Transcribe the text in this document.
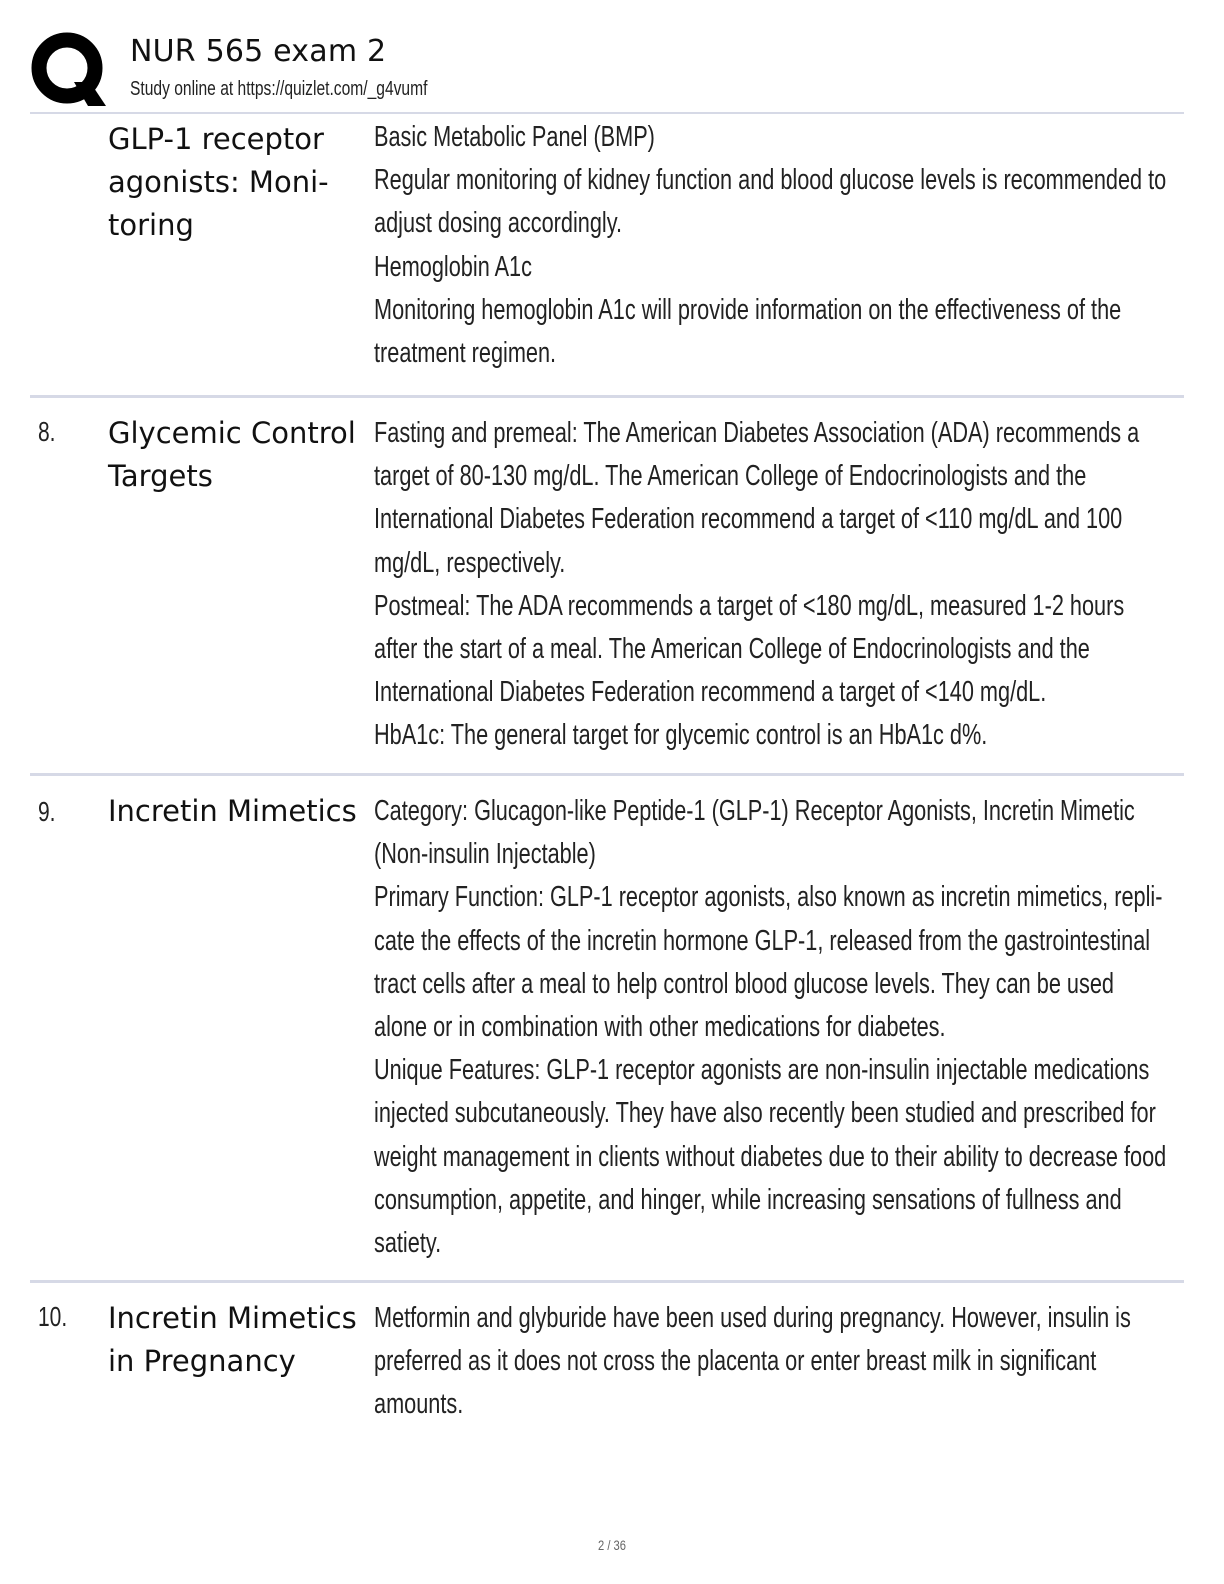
NUR 565 exam 2
Study online at https://quizlet.com/_g4vumf
GLP-1 receptor agonists: Moni-toring

Basic Metabolic Panel (BMP)

Regular monitoring of kidney function and blood glucose levels is recommended to adjust dosing accordingly.

Hemoglobin A1c

Monitoring hemoglobin A1c will provide information on the effectiveness of the treatment regimen.

8. Glycemic Control Targets

Fasting and premeal: The American Diabetes Association (ADA) recommends a target of 80-130 mg/dL. The American College of Endocrinologists and the International Diabetes Federation recommend a target of <110 mg/dL and 100 mg/dL, respectively.

Postmeal: The ADA recommends a target of <180 mg/dL, measured 1-2 hours after the start of a meal. The American College of Endocrinologists and the International Diabetes Federation recommend a target of <140 mg/dL.

HbA1c: The general target for glycemic control is an HbA1c d%.

9. Incretin Mimetics Category: Glucagon-like Peptide-1 (GLP-1) Receptor Agonists, Incretin Mimetic (Non-insulin Injectable)

Primary Function: GLP-1 receptor agonists, also known as incretin mimetics, repli-cate the effects of the incretin hormone GLP-1, released from the gastrointestinal tract cells after a meal to help control blood glucose levels. They can be used alone or in combination with other medications for diabetes.

Unique Features: GLP-1 receptor agonists are non-insulin injectable medications injected subcutaneously. They have also recently been studied and prescribed for weight management in clients without diabetes due to their ability to decrease food consumption, appetite, and hinger, while increasing sensations of fullness and satiety.

10. Incretin Mimetics in Pregnancy

Metformin and glyburide have been used during pregnancy. However, insulin is preferred as it does not cross the placenta or enter breast milk in significant amounts.

2 / 36
